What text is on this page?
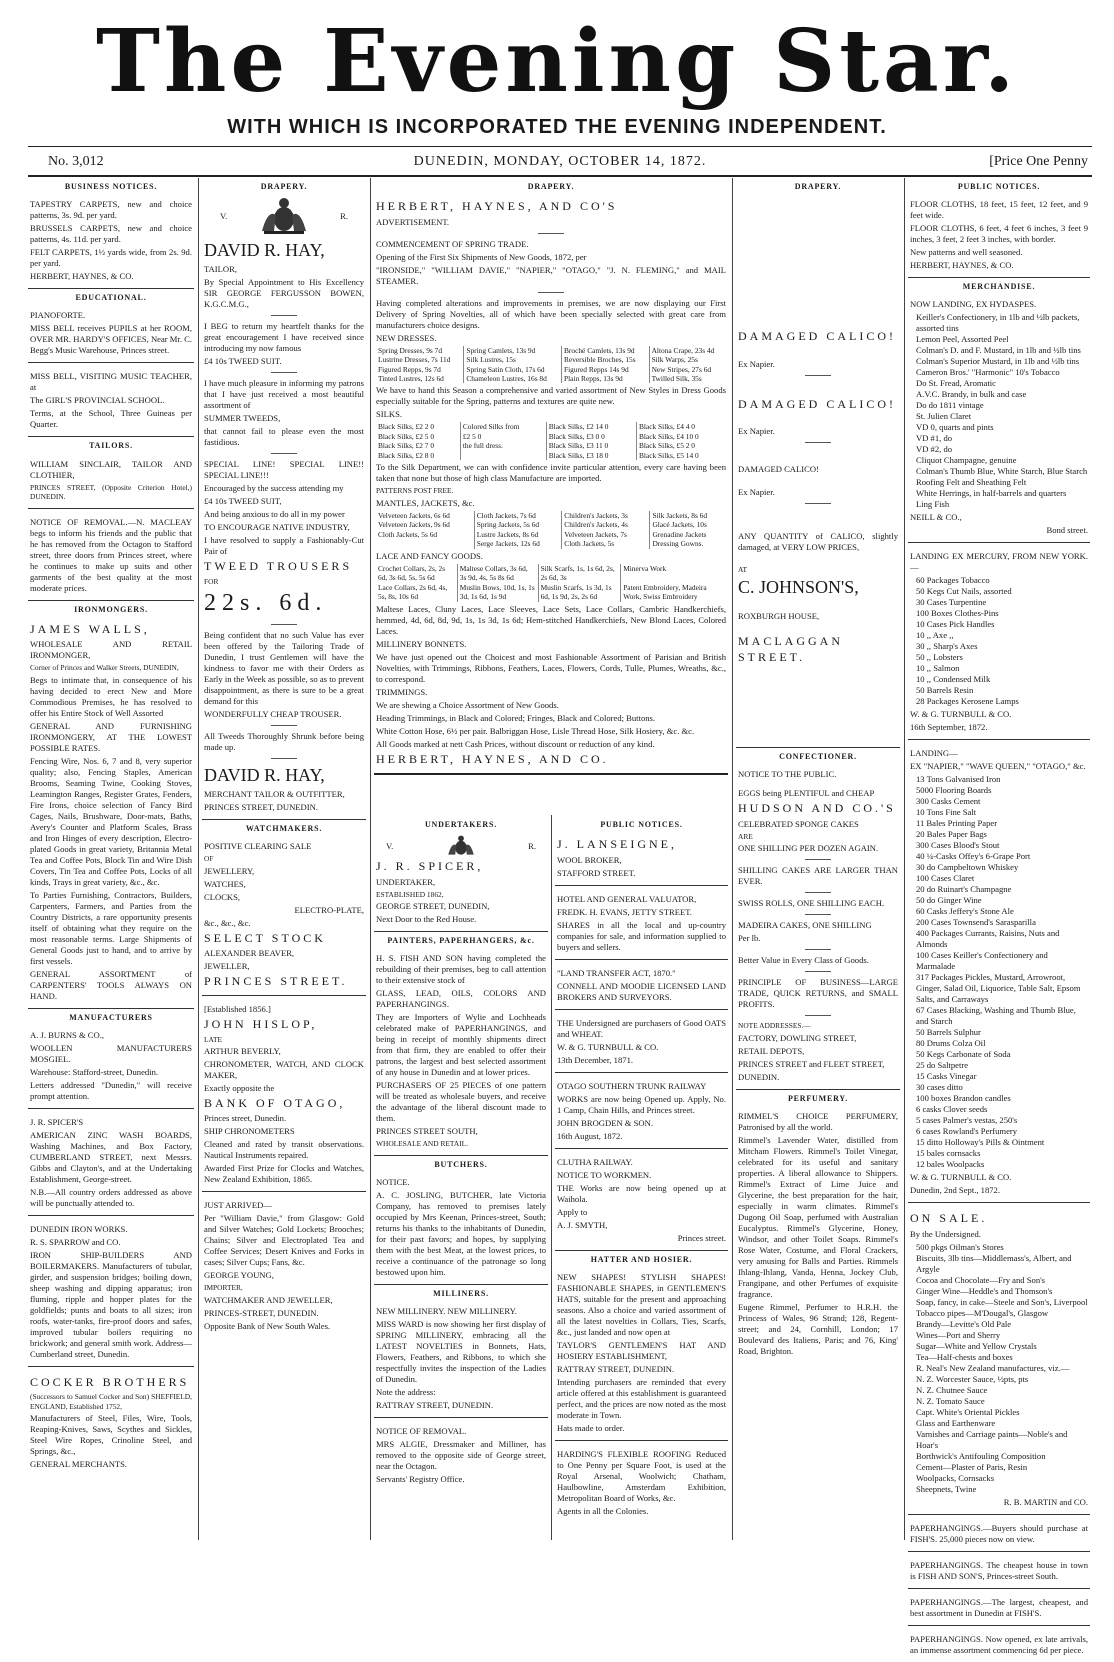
The Evening Star.
WITH WHICH IS INCORPORATED THE EVENING INDEPENDENT.
No. 3,012	DUNEDIN, MONDAY, OCTOBER 14, 1872.	[Price One Penny
BUSINESS NOTICES.

TAPESTRY CARPETS, new and choice patterns, 3s. 9d. per yard.

BRUSSELS CARPETS, new and choice patterns, 4s. 11d. per yard.

FELT CARPETS, 1½ yards wide, from 2s. 9d. per yard.

HERBERT, HAYNES, & CO.

EDUCATIONAL.

PIANOFORTE.

MISS BELL receives PUPILS at her ROOM, OVER MR. HARDY'S OFFICES, Near Mr. C. Begg's Music Warehouse, Princes street.

MISS BELL, VISITING MUSIC TEACHER, at

The GIRL'S PROVINCIAL SCHOOL.

Terms, at the School, Three Guineas per Quarter.

TAILORS.

WILLIAM SINCLAIR, TAILOR AND CLOTHIER,

PRINCES STREET, (Opposite Criterion Hotel,) DUNEDIN.

NOTICE OF REMOVAL.—N. MACLEAY begs to inform his friends and the public that he has removed from the Octagon to Stafford street, three doors from Princes street, where he continues to make up suits and other garments of the best quality at the most moderate prices.

IRONMONGERS.

JAMES WALLS,

WHOLESALE AND RETAIL IRONMONGER,

Corner of Princes and Walker Streets, DUNEDIN,

Begs to intimate that, in consequence of his having decided to erect New and More Commodious Premises, he has resolved to offer his Entire Stock of Well Assorted

GENERAL AND FURNISHING IRONMONGERY, AT THE LOWEST POSSIBLE RATES.

Fencing Wire, Nos. 6, 7 and 8, very superior quality; also, Fencing Staples, American Brooms, Seaming Twine, Cooking Stoves, Leamington Ranges, Register Grates, Fenders, Fire Irons, choice selection of Fancy Bird Cages, Nails, Brushware, Door-mats, Baths, Avery's Counter and Platform Scales, Brass and Iron Hinges of every description, Electro-plated Goods in great variety, Britannia Metal Tea and Coffee Pots, Block Tin and Wire Dish Covers, Tin Tea and Coffee Pots, Locks of all kinds, Trays in great variety, &c., &c.

To Parties Furnishing, Contractors, Builders, Carpenters, Farmers, and Parties from the Country Districts, a rare opportunity presents itself of obtaining what they require on the most reasonable terms. Large Shipments of General Goods just to hand, and to arrive by first vessels.

GENERAL ASSORTMENT of CARPENTERS' TOOLS ALWAYS ON HAND.

MANUFACTURERS

A. J. BURNS & CO.,

WOOLLEN MANUFACTURERS MOSGIEL.

Warehouse: Stafford-street, Dunedin.

Letters addressed "Dunedin," will receive prompt attention.

J. R. SPICER'S

AMERICAN ZINC WASH BOARDS, Washing Machines, and Box Factory, CUMBERLAND STREET, next Messrs. Gibbs and Clayton's, and at the Undertaking Establishment, George-street.

N.B.—All country orders addressed as above will be punctually attended to.

DUNEDIN IRON WORKS.

R. S. SPARROW and CO.

IRON SHIP-BUILDERS AND BOILERMAKERS. Manufacturers of tubular, girder, and suspension bridges; boiling down, sheep washing and dipping apparatus; iron fluming, ripple and hopper plates for the goldfields; punts and boats to all sizes; iron roofs, water-tanks, fire-proof doors and safes, improved tubular boilers requiring no brickwork; and general smith work. Address—Cumberland street, Dunedin.

COCKER BROTHERS

(Successors to Samuel Cocker and Son) SHEFFIELD, ENGLAND, Established 1752,

Manufacturers of Steel, Files, Wire, Tools, Reaping-Knives, Saws, Scythes and Sickles, Steel Wire Ropes, Crinoline Steel, and Springs, &c.,

GENERAL MERCHANTS.

DRAPERY.
V.	R.

DAVID R. HAY,

TAILOR,

By Special Appointment to His Excellency SIR GEORGE FERGUSSON BOWEN, K.G.C.M.G.,

I BEG to return my heartfelt thanks for the great encouragement I have received since introducing my now famous

£4 10s TWEED SUIT.

I have much pleasure in informing my patrons that I have just received a most beautiful assortment of

SUMMER TWEEDS,

that cannot fail to please even the most fastidious.

SPECIAL LINE! SPECIAL LINE!! SPECIAL LINE!!!

Encouraged by the success attending my

£4 10s TWEED SUIT,

And being anxious to do all in my power

TO ENCOURAGE NATIVE INDUSTRY,

I have resolved to supply a Fashionably-Cut Pair of

TWEED TROUSERS

FOR

22s. 6d.

Being confident that no such Value has ever been offered by the Tailoring Trade of Dunedin, I trust Gentlemen will have the kindness to favor me with their Orders as Early in the Week as possible, so as to prevent disappointment, as there is sure to be a great demand for this

WONDERFULLY CHEAP TROUSER.

All Tweeds Thoroughly Shrunk before being made up.

DAVID R. HAY,

MERCHANT TAILOR & OUTFITTER,

PRINCES STREET, DUNEDIN.

WATCHMAKERS.

POSITIVE CLEARING SALE

OF

JEWELLERY,

WATCHES,

CLOCKS,

ELECTRO-PLATE,

&c., &c., &c.

SELECT STOCK

ALEXANDER BEAVER,

JEWELLER,

PRINCES STREET.

[Established 1856.]

JOHN HISLOP,

LATE

ARTHUR BEVERLY,

CHRONOMETER, WATCH, AND CLOCK MAKER,

Exactly opposite the

BANK OF OTAGO,

Princes street, Dunedin.

SHIP CHRONOMETERS

Cleaned and rated by transit observations. Nautical Instruments repaired.

Awarded First Prize for Clocks and Watches, New Zealand Exhibition, 1865.

JUST ARRIVED—

Per "William Davie," from Glasgow: Gold and Silver Watches; Gold Lockets; Brooches; Chains; Silver and Electroplated Tea and Coffee Services; Desert Knives and Forks in cases; Silver Cups; Fans, &c.

GEORGE YOUNG,

IMPORTER,

WATCHMAKER AND JEWELLER,

PRINCES-STREET, DUNEDIN.

Opposite Bank of New South Wales.

DRAPERY.

HERBERT, HAYNES, AND CO'S

ADVERTISEMENT.

COMMENCEMENT OF SPRING TRADE.

Opening of the First Six Shipments of New Goods, 1872, per

"IRONSIDE," "WILLIAM DAVIE," "NAPIER," "OTAGO," "J. N. FLEMING," and MAIL STEAMER.

Having completed alterations and improvements in premises, we are now displaying our First Delivery of Spring Novelties, all of which have been specially selected with great care from manufacturers choice designs.

NEW DRESSES.

Spring Dresses, 9s 7d	Spring Camlets, 13s 9d	Broché Camlets, 13s 9d	Altona Crape, 23s 4d
Lustrine Dresses, 7s 11d	Silk Lustres, 15s	Reversible Broches, 15s	Silk Warps, 25s
Figured Repps, 9s 7d	Spring Satin Cloth, 17s 6d	Figured Repps 14s 9d	New Stripes, 27s 6d
Tinted Lustres, 12s 6d	Chameleon Lustres, 16s 8d	Plain Repps, 13s 9d	Twilled Silk, 35s

We have to hand this Season a comprehensive and varied assortment of New Styles in Dress Goods especially suitable for the Spring, patterns and textures are quite new.

SILKS.

Black Silks, £2 2 0	Colored Silks from	Black Silks, £2 14 0	Black Silks, £4 4 0
Black Silks, £2 5 0	£2 5 0	Black Silks, £3 0 0	Black Silks, £4 10 0
Black Silks, £2 7 0	the full dress.	Black Silks, £3 11 0	Black Silks, £5 2 0
Black Silks, £2 8 0		Black Silks, £3 18 0	Black Silks, £5 14 0

To the Silk Department, we can with confidence invite particular attention, every care having been taken that none but those of high class Manufacture are imported.

PATTERNS POST FREE.

MANTLES, JACKETS, &c.

Velveteen Jackets, 6s 6d	Cloth Jackets, 7s 6d	Children's Jackets, 3s	Silk Jackets, 8s 6d
Velveteen Jackets, 9s 6d	Spring Jackets, 5s 6d	Children's Jackets, 4s	Glacé Jackets, 10s
Cloth Jackets, 5s 6d	Lustre Jackets, 8s 6d	Velveteen Jackets, 7s	Grenadine Jackets
	Serge Jackets, 12s 6d	Cloth Jackets, 5s	Dressing Gowns.

LACE AND FANCY GOODS.

Crochet Collars, 2s, 2s 6d, 3s 6d, 5s, 5s 6d	Maltese Collars, 3s 6d, 3s 9d, 4s, 5s 8s 6d	Silk Scarfs, 1s, 1s 6d, 2s, 2s 6d, 3s	Minerva Work
Lace Collars, 2s 6d, 4s, 5s, 8s, 10s 6d	Muslin Bows, 10d, 1s, 1s 3d, 1s 6d, 1s 9d	Muslin Scarfs, 1s 3d, 1s 6d, 1s 9d, 2s, 2s 6d	Patent Embroidery, Madeira Work, Swiss Embroidery

Maltese Laces, Cluny Laces, Lace Sleeves, Lace Sets, Lace Collars, Cambric Handkerchiefs, hemmed, 4d, 6d, 8d, 9d, 1s, 1s 3d, 1s 6d; Hem-stitched Handkerchiefs, New Blond Laces, Colored Laces.

MILLINERY BONNETS.

We have just opened out the Choicest and most Fashionable Assortment of Parisian and British Novelties, with Trimmings, Ribbons, Feathers, Laces, Flowers, Cords, Tulle, Plumes, Wreaths, &c., to correspond.

TRIMMINGS.

We are shewing a Choice Assortment of New Goods.

Heading Trimmings, in Black and Colored; Fringes, Black and Colored; Buttons.

White Cotton Hose, 6½ per pair. Balbriggan Hose, Lisle Thread Hose, Silk Hosiery, &c. &c.

All Goods marked at nett Cash Prices, without discount or reduction of any kind.

HERBERT, HAYNES, AND CO.

UNDERTAKERS.
V.	R.

J. R. SPICER,

UNDERTAKER,

ESTABLISHED 1862,

GEORGE STREET, DUNEDIN,

Next Door to the Red House.

PAINTERS, PAPERHANGERS, &c.

H. S. FISH AND SON having completed the rebuilding of their premises, beg to call attention to their extensive stock of

GLASS, LEAD, OILS, COLORS AND PAPERHANGINGS.

They are Importers of Wylie and Lochheads celebrated make of PAPERHANGINGS, and being in receipt of monthly shipments direct from that firm, they are enabled to offer their patrons, the largest and best selected assortment of any house in Dunedin and at lower prices.

PURCHASERS OF 25 PIECES of one pattern will be treated as wholesale buyers, and receive the advantage of the liberal discount made to them.

PRINCES STREET SOUTH,

WHOLESALE AND RETAIL.

BUTCHERS.

NOTICE.

A. C. JOSLING, BUTCHER, late Victoria Company, has removed to premises lately occupied by Mrs Keenan, Princes-street, South; returns his thanks to the inhabitants of Dunedin, for their past favors; and hopes, by supplying them with the best Meat, at the lowest prices, to receive a continuance of the patronage so long bestowed upon him.

MILLINERS.

NEW MILLINERY. NEW MILLINERY.

MISS WARD is now showing her first display of SPRING MILLINERY, embracing all the LATEST NOVELTIES in Bonnets, Hats, Flowers, Feathers, and Ribbons, to which she respectfully invites the inspection of the Ladies of Dunedin.

Note the address:

RATTRAY STREET, DUNEDIN.

NOTICE OF REMOVAL.

MRS ALGIE, Dressmaker and Milliner, has removed to the opposite side of George street, near the Octagon.

Servants' Registry Office.

PUBLIC NOTICES.

J. LANSEIGNE,

WOOL BROKER,

STAFFORD STREET.

HOTEL AND GENERAL VALUATOR,

FREDK. H. EVANS, JETTY STREET.

SHARES in all the local and up-country companies for sale, and information supplied to buyers and sellers.

"LAND TRANSFER ACT, 1870."

CONNELL AND MOODIE LICENSED LAND BROKERS AND SURVEYORS.

THE Undersigned are purchasers of Good OATS and WHEAT.

W. & G. TURNBULL & CO.

13th December, 1871.

OTAGO SOUTHERN TRUNK RAILWAY

WORKS are now being Opened up. Apply, No. 1 Camp, Chain Hills, and Princes street.

JOHN BROGDEN & SON.

16th August, 1872.

CLUTHA RAILWAY.

NOTICE TO WORKMEN.

THE Works are now being opened up at Waihola.

Apply to

A. J. SMYTH,

Princes street.

HATTER AND HOSIER.

NEW SHAPES! STYLISH SHAPES! FASHIONABLE SHAPES, in GENTLEMEN'S HATS, suitable for the present and approaching seasons. Also a choice and varied assortment of all the latest novelties in Collars, Ties, Scarfs, &c., just landed and now open at

TAYLOR'S GENTLEMEN'S HAT AND HOSIERY ESTABLISHMENT,

RATTRAY STREET, DUNEDIN.

Intending purchasers are reminded that every article offered at this establishment is guaranteed perfect, and the prices are now noted as the most moderate in Town.

Hats made to order.

HARDING'S FLEXIBLE ROOFING Reduced to One Penny per Square Foot, is used at the Royal Arsenal, Woolwich; Chatham, Haulbowline, Amsterdam Exhibition, Metropolitan Board of Works, &c.

Agents in all the Colonies.

DRAPERY.

DAMAGED CALICO!

Ex Napier.

DAMAGED CALICO!

Ex Napier.

DAMAGED CALICO!

Ex Napier.

ANY QUANTITY of CALICO, slightly damaged, at VERY LOW PRICES,

AT

C. JOHNSON'S,

ROXBURGH HOUSE,

MACLAGGAN STREET.

CONFECTIONER.

NOTICE TO THE PUBLIC.

EGGS being PLENTIFUL and CHEAP

HUDSON AND CO.'S

CELEBRATED SPONGE CAKES

ARE

ONE SHILLING PER DOZEN AGAIN.

SHILLING CAKES ARE LARGER THAN EVER.

SWISS ROLLS, ONE SHILLING EACH.

MADEIRA CAKES, ONE SHILLING

Per lb.

Better Value in Every Class of Goods.

PRINCIPLE OF BUSINESS—LARGE TRADE, QUICK RETURNS, and SMALL PROFITS.

NOTE ADDRESSES.—

FACTORY, DOWLING STREET,

RETAIL DEPOTS,

PRINCES STREET and FLEET STREET,

DUNEDIN.

PERFUMERY.

RIMMEL'S CHOICE PERFUMERY, Patronised by all the world.

Rimmel's Lavender Water, distilled from Mitcham Flowers. Rimmel's Toilet Vinegar, celebrated for its useful and sanitary properties. A liberal allowance to Shippers. Rimmel's Extract of Lime Juice and Glycerine, the best preparation for the hair, especially in warm climates. Rimmel's Dugong Oil Soap, perfumed with Australian Eucalyptus. Rimmel's Glycerine, Honey, Windsor, and other Toilet Soaps. Rimmel's Rose Water, Costume, and Floral Crackers, very amusing for Balls and Parties. Rimmels Ihlang-Ihlang, Vanda, Henna, Jockey Club, Frangipane, and other Perfumes of exquisite fragrance.

Eugene Rimmel, Perfumer to H.R.H. the Princess of Wales, 96 Strand; 128, Regent-street; and 24, Cornhill, London; 17 Boulevard des Italiens, Paris; and 76, King' Road, Brighton.

PUBLIC NOTICES.

FLOOR CLOTHS, 18 feet, 15 feet, 12 feet, and 9 feet wide.

FLOOR CLOTHS, 6 feet, 4 feet 6 inches, 3 feet 9 inches, 3 feet, 2 feet 3 inches, with border.

New patterns and well seasoned.

HERBERT, HAYNES, & CO.

MERCHANDISE.

NOW LANDING, EX HYDASPES.

Keiller's Confectionery, in 1lb and ½lb packets, assorted tins
Lemon Peel, Assorted Peel
Colman's D. and F. Mustard, in 1lb and ½lb tins
Colman's Superior Mustard, in 1lb and ½lb tins
Cameron Bros.' "Harmonic" 10's Tobacco
Do St. Fread, Aromatic
A.V.C. Brandy, in bulk and case
Do do 1811 vintage
St. Julien Claret
VD 0, quarts and pints
VD #1, do
VD #2, do
Cliquot Champagne, genuine
Colman's Thumb Blue, White Starch, Blue Starch
Roofing Felt and Sheathing Felt
White Herrings, in half-barrels and quarters
Ling Fish

NEILL & CO.,

Bond street.

LANDING EX MERCURY, FROM NEW YORK.—

60 Packages Tobacco
50 Kegs Cut Nails, assorted
30 Cases Turpentine
100 Boxes Clothes-Pins
10 Cases Pick Handles
10 ,, Axe ,,
30 ,, Sharp's Axes
50 ,, Lobsters
10 ,, Salmon
10 ,, Condensed Milk
50 Barrels Resin
28 Packages Kerosene Lamps

W. & G. TURNBULL & CO.

16th September, 1872.

LANDING—

EX "NAPIER," "WAVE QUEEN," "OTAGO," &c.

13 Tons Galvanised Iron
5000 Flooring Boards
300 Casks Cement
10 Tons Fine Salt
11 Bales Printing Paper
20 Bales Paper Bags
300 Cases Blood's Stout
40 ¼-Casks Offey's 6-Grape Port
30 do Campbeltown Whiskey
100 Cases Claret
20 do Ruinart's Champagne
50 do Ginger Wine
60 Casks Jeffery's Stone Ale
200 Cases Townsend's Sarasparilla
400 Packages Currants, Raisins, Nuts and Almonds
100 Cases Keiller's Confectionery and Marmalade
317 Packages Pickles, Mustard, Arrowroot, Ginger, Salad Oil, Liquorice, Table Salt, Epsom Salts, and Carraways
67 Cases Blacking, Washing and Thumb Blue, and Starch
50 Barrels Sulphur
80 Drums Colza Oil
50 Kegs Carbonate of Soda
25 do Saltpetre
15 Casks Vinegar
30 cases ditto
100 boxes Brandon candles
6 casks Clover seeds
5 cases Palmer's vestas, 250's
6 cases Rowland's Perfumery
15 ditto Holloway's Pills & Ointment
15 bales cornsacks
12 bales Woolpacks

W. & G. TURNBULL & CO.

Dunedin, 2nd Sept., 1872.

ON SALE.

By the Undersigned.

500 pkgs Oilman's Stores
Biscuits, 3lb tins—Middlemass's, Albert, and Argyle
Cocoa and Chocolate—Fry and Son's
Ginger Wine—Heddle's and Thomson's
Soap, fancy, in cake—Steele and Son's, Liverpool
Tobacco pipes—M'Dougal's, Glasgow
Brandy—Levitte's Old Pale
Wines—Port and Sherry
Sugar—White and Yellow Crystals
Tea—Half-chests and boxes
R. Neal's New Zealand manufactures, viz.—
N. Z. Worcester Sauce, ½pts, pts
N. Z. Chutnee Sauce
N. Z. Tomato Sauce
Capt. White's Oriental Pickles
Glass and Earthenware
Varnishes and Carriage paints—Noble's and Hoar's
Borthwick's Antifouling Composition
Cement—Plaster of Paris, Resin
Woolpacks, Cornsacks
Sheepnets, Twine

R. B. MARTIN and CO.

PAPERHANGINGS.—Buyers should purchase at FISH'S. 25,000 pieces now on view.

PAPERHANGINGS. The cheapest house in town is FISH AND SON'S, Princes-street South.

PAPERHANGINGS.—The largest, cheapest, and best assortment in Dunedin at FISH'S.

PAPERHANGINGS. Now opened, ex late arrivals, an immense assortment commencing 6d per piece.
